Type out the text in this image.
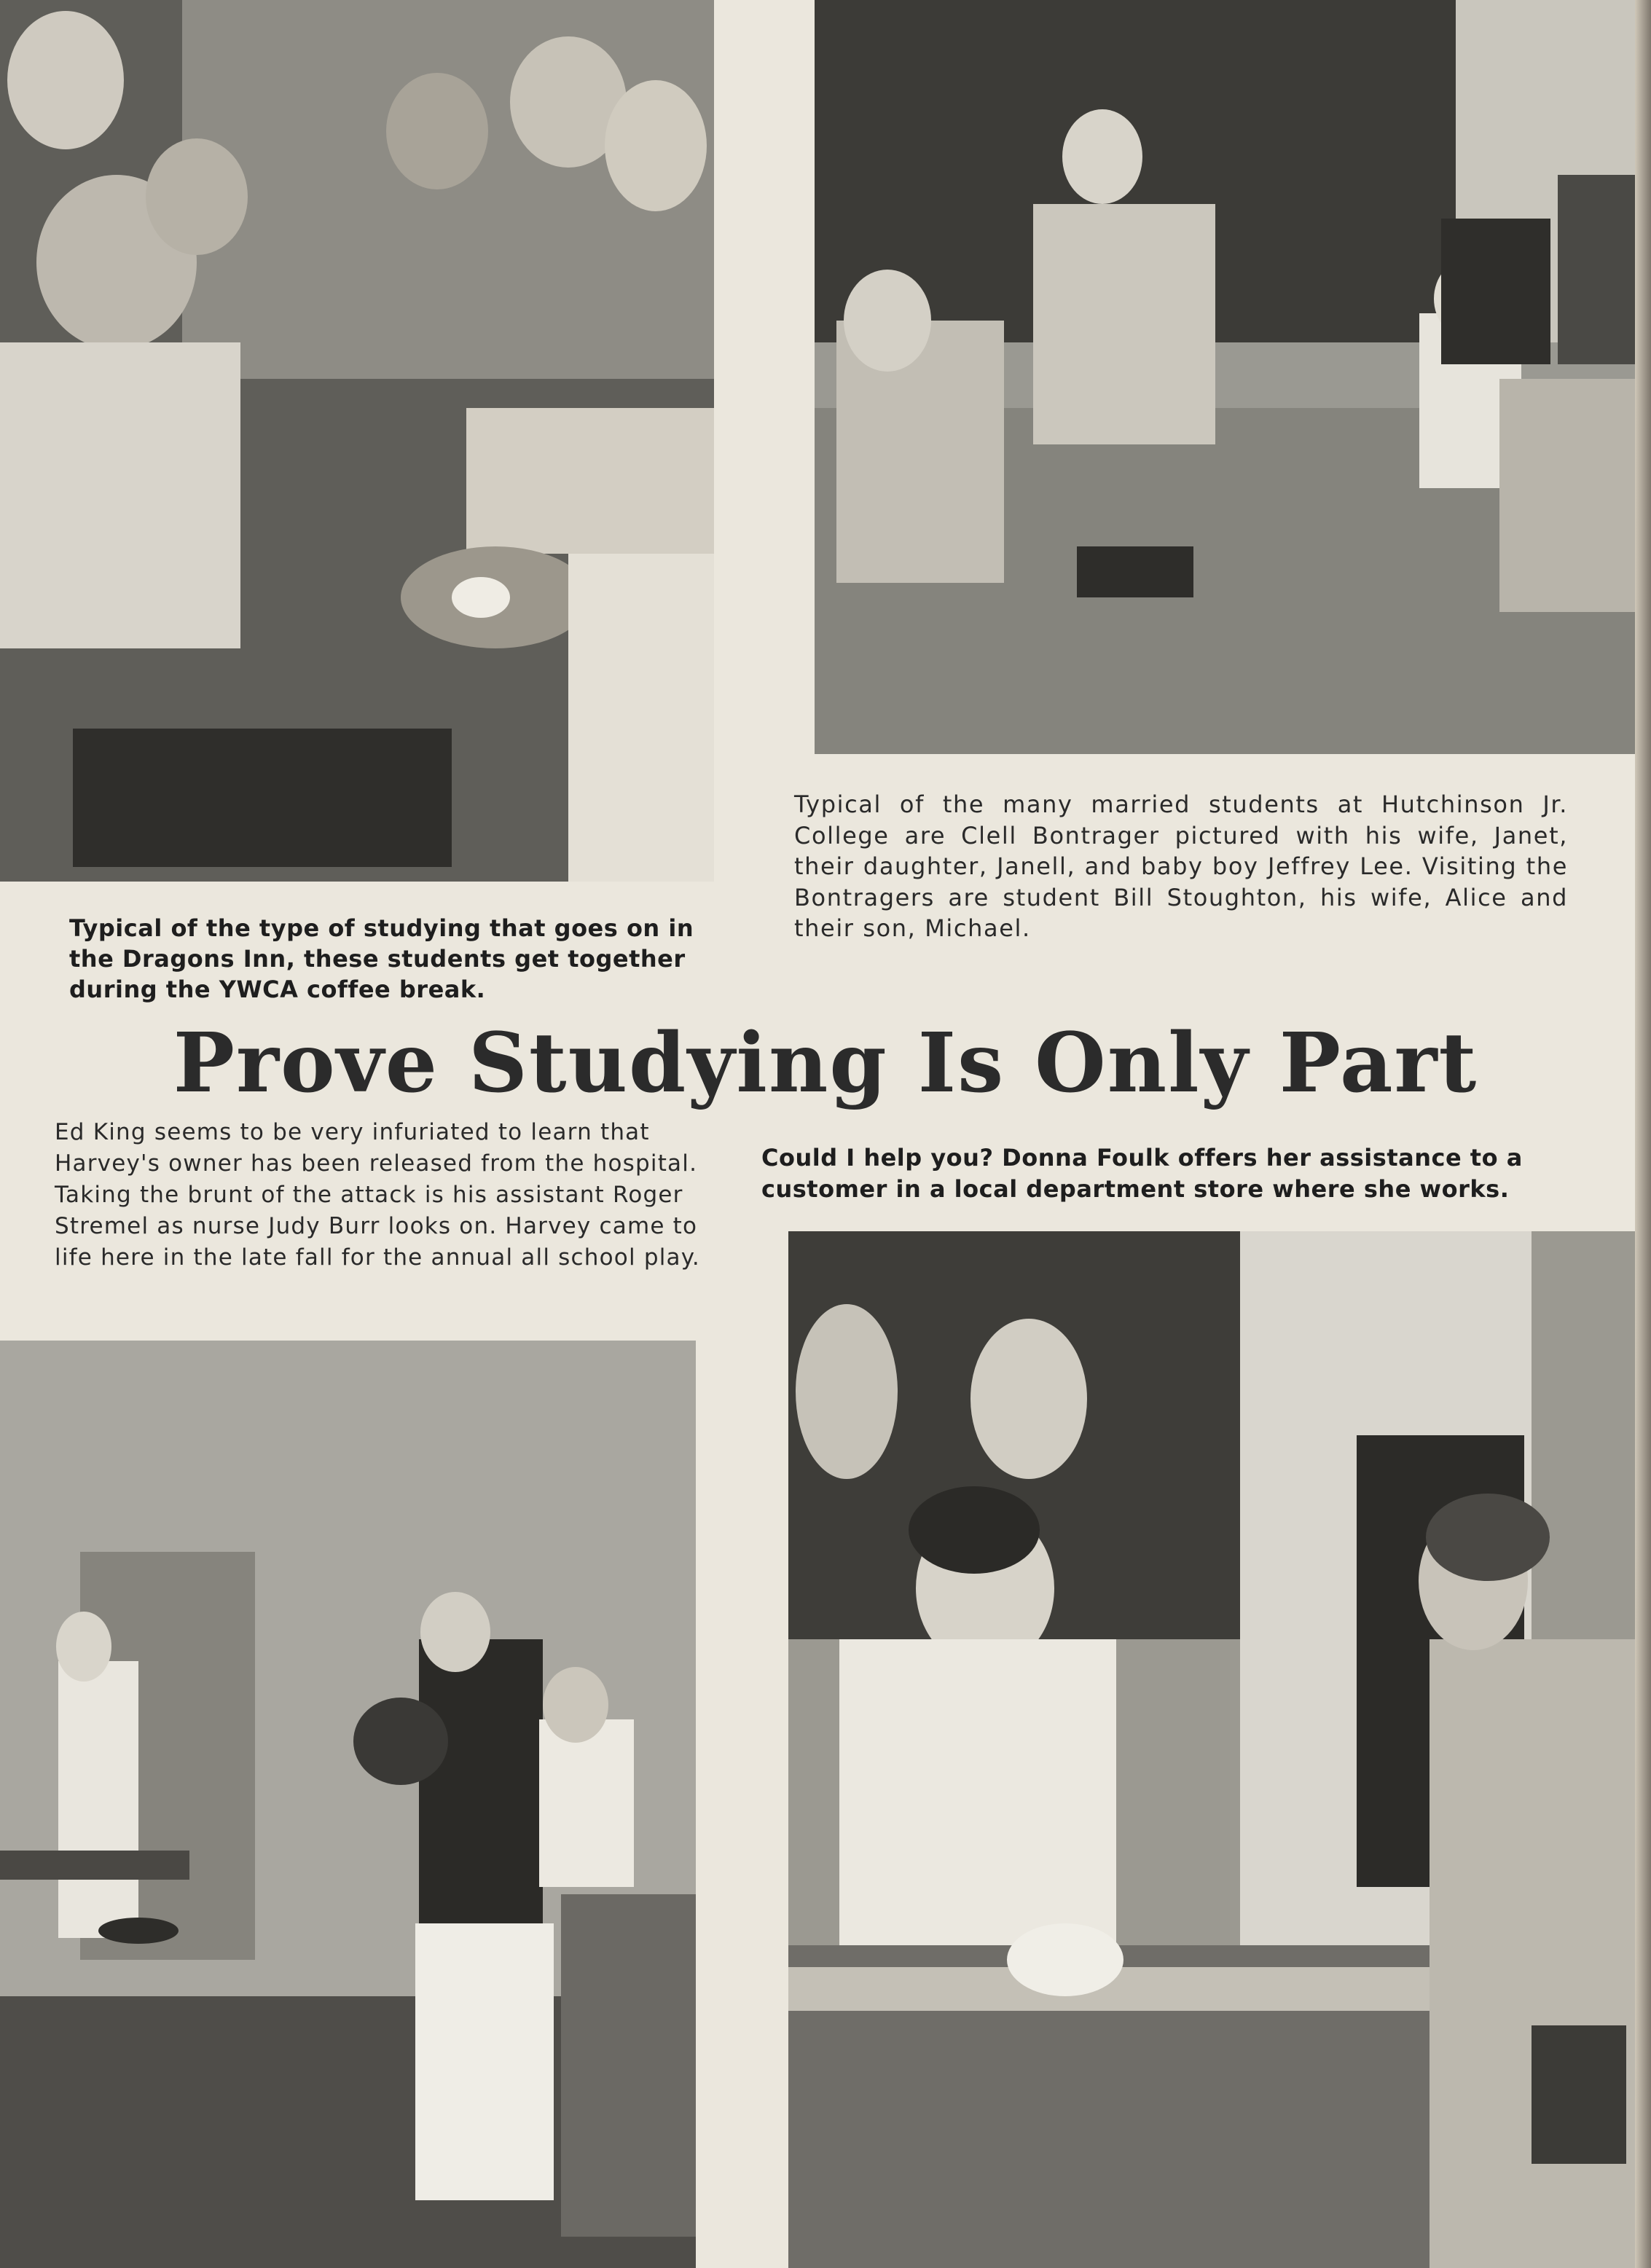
Typical of the many married students at Hutchinson Jr. College are Clell Bontrager pictured with his wife, Janet, their daughter, Janell, and baby boy Jeffrey Lee. Visiting the Bontragers are student Bill Stoughton, his wife, Alice and their son, Michael.

Typical of the type of studying that goes on in the Dragons Inn, these students get together during the YWCA coffee break.

Prove Studying Is Only Part

Ed King seems to be very infuriated to learn that Harvey's owner has been released from the hospital. Taking the brunt of the attack is his assistant Roger Stremel as nurse Judy Burr looks on. Harvey came to life here in the late fall for the annual all school play.

Could I help you? Donna Foulk offers her assistance to a customer in a local department store where she works.
